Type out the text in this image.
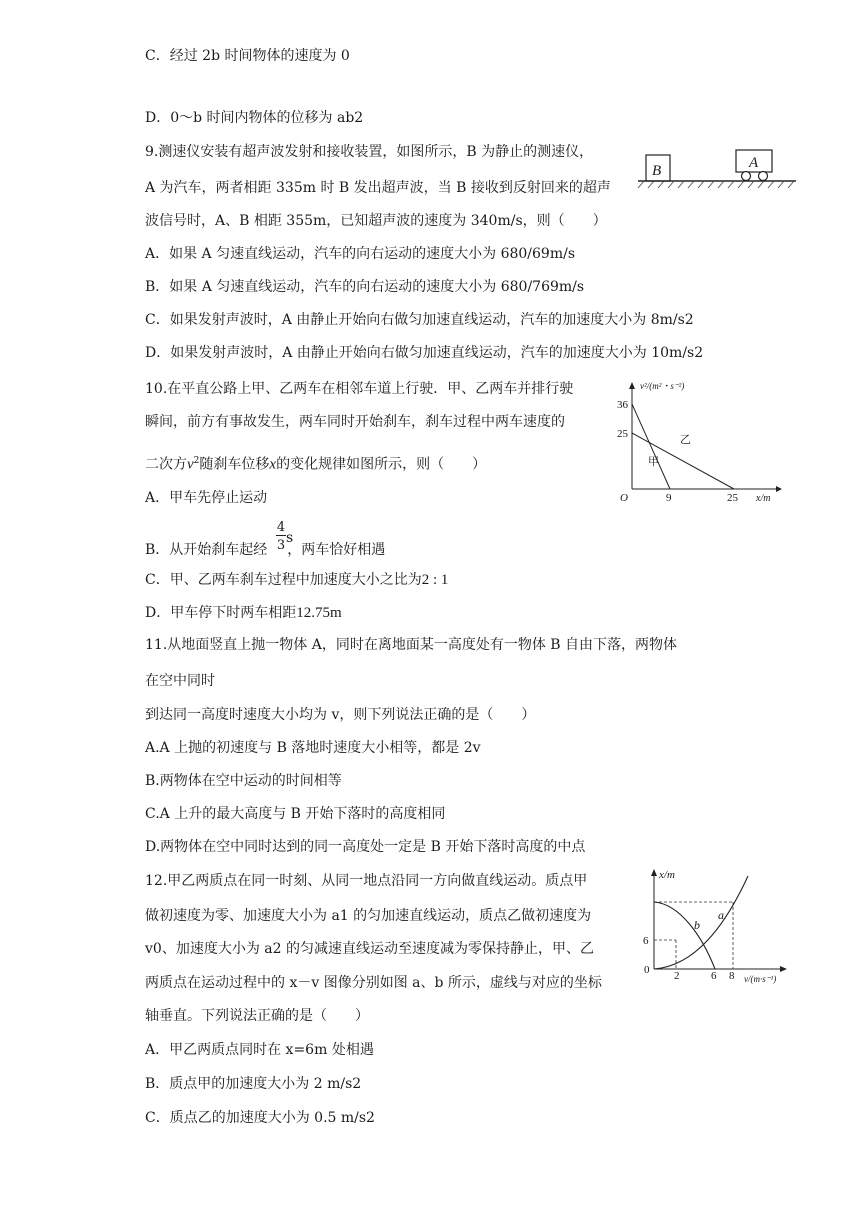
C．经过 2b 时间物体的速度为 0
D．0～b 时间内物体的位移为 ab2
9.测速仪安装有超声波发射和接收装置，如图所示，B 为静止的测速仪，
A 为汽车，两者相距 335m 时 B 发出超声波，当 B 接收到反射回来的超声
波信号时，A、B 相距 355m，已知超声波的速度为 340m/s，则（　　）
A．如果 A 匀速直线运动，汽车的向右运动的速度大小为 680/69m/s
B．如果 A 匀速直线运动，汽车的向右运动的速度大小为 680/769m/s
C．如果发射声波时，A 由静止开始向右做匀加速直线运动，汽车的加速度大小为 8m/s2
D．如果发射声波时，A 由静止开始向右做匀加速直线运动，汽车的加速度大小为 10m/s2
B	A
10.在平直公路上甲、乙两车在相邻车道上行驶．甲、乙两车并排行驶
瞬间，前方有事故发生，两车同时开始刹车，刹车过程中两车速度的
二次方$v^2$随刹车位移x的变化规律如图所示，则（　　）
A．甲车先停止运动
B．从开始刹车起经 ，两车恰好相遇
4
3 s
C．甲、乙两车刹车过程中加速度大小之比为2 : 1
D．甲车停下时两车相距12.75m
v²/(m²・s⁻²)
x/m
O
36
25
9	25
甲
乙
11.从地面竖直上抛一物体 A，同时在离地面某一高度处有一物体 B 自由下落，两物体
在空中同时
到达同一高度时速度大小均为 v，则下列说法正确的是（　　）
A.A 上抛的初速度与 B 落地时速度大小相等，都是 2v
B.两物体在空中运动的时间相等
C.A 上升的最大高度与 B 开始下落时的高度相同
D.两物体在空中同时达到的同一高度处一定是 B 开始下落时高度的中点
12.甲乙两质点在同一时刻、从同一地点沿同一方向做直线运动。质点甲
做初速度为零、加速度大小为 a1 的匀加速直线运动，质点乙做初速度为
v0、加速度大小为 a2 的匀减速直线运动至速度减为零保持静止，甲、乙
两质点在运动过程中的 x－v 图像分别如图 a、b 所示，虚线与对应的坐标
轴垂直。下列说法正确的是（　　）
A．甲乙两质点同时在 x=6m 处相遇
B．质点甲的加速度大小为 2 m/s2
C．质点乙的加速度大小为 0.5 m/s2
x/m
v/(m·s⁻¹)
0
6
2	6 8
a
b
